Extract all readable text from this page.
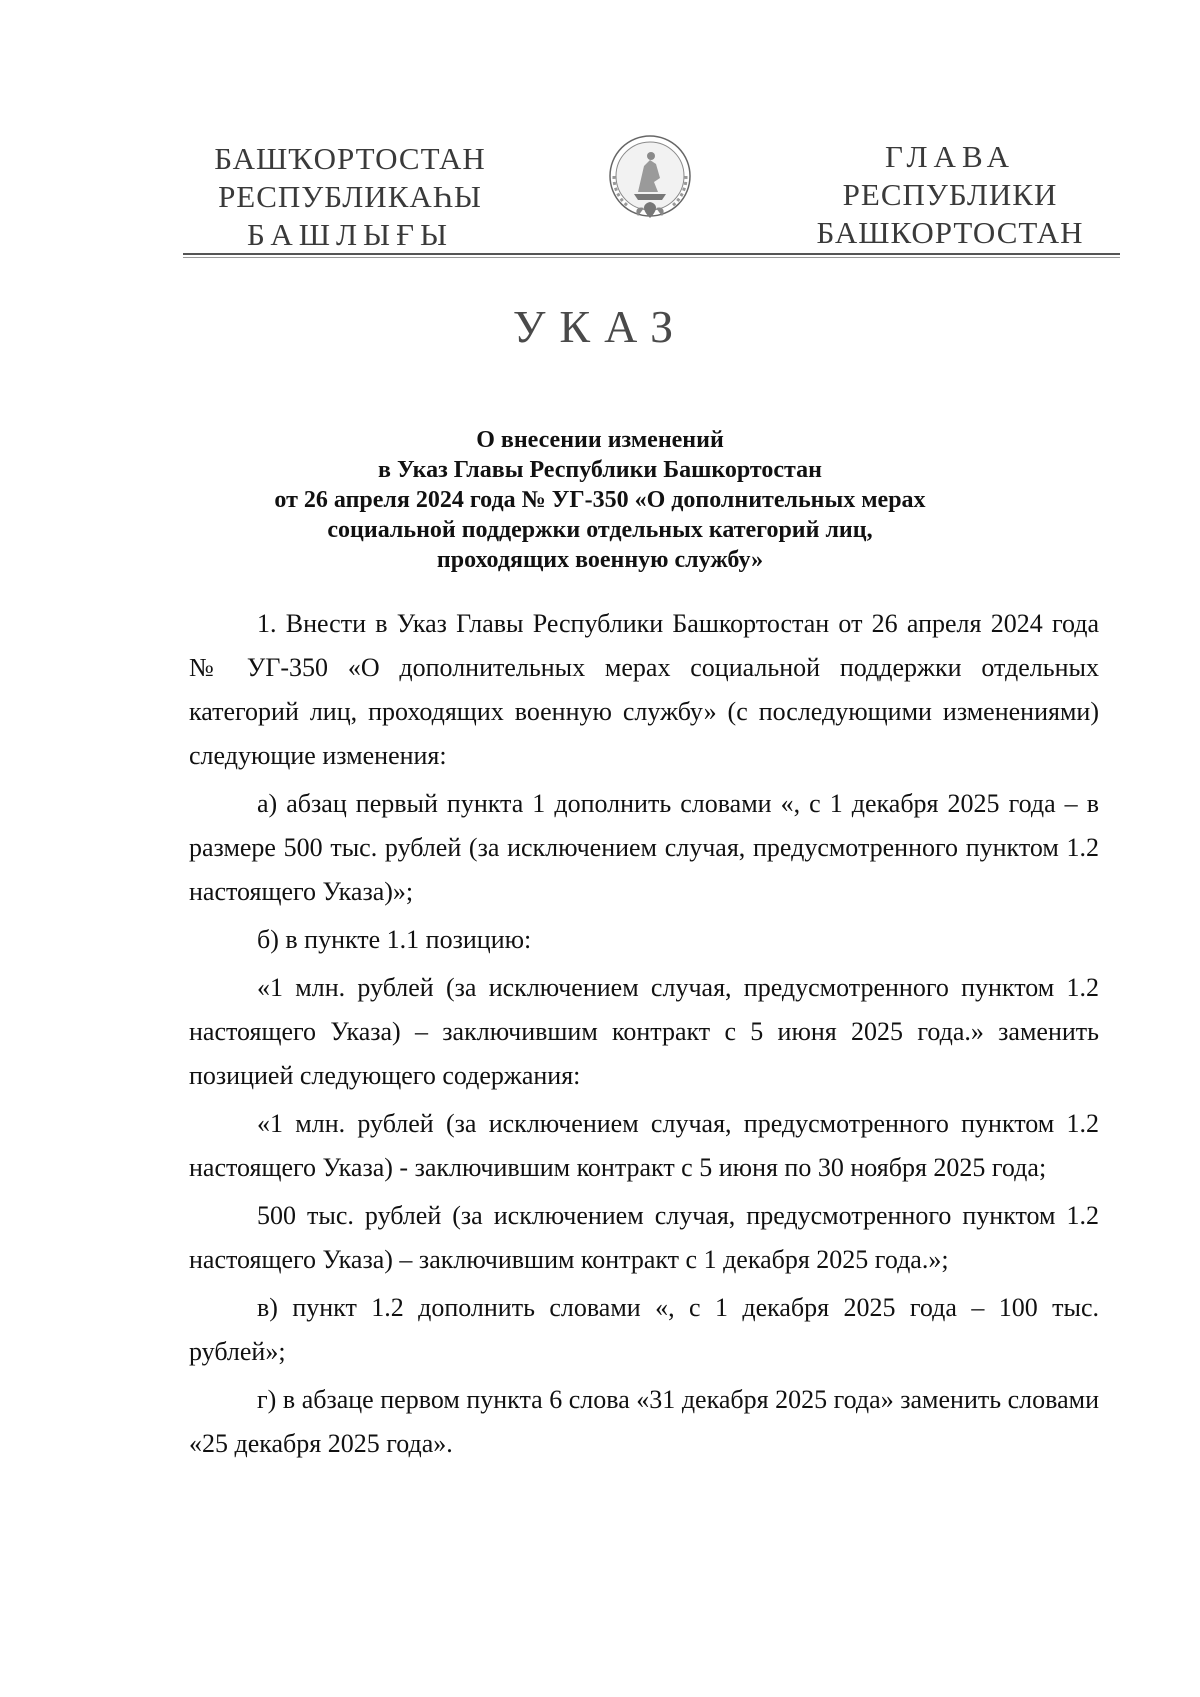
БАШҠОРТОСТАН
РЕСПУБЛИКАҺЫ
БАШЛЫҒЫ
ГЛАВА
РЕСПУБЛИКИ
БАШКОРТОСТАН
УКАЗ
О внесении изменений
в Указ Главы Республики Башкортостан
от 26 апреля 2024 года № УГ-350 «О дополнительных мерах
социальной поддержки отдельных категорий лиц,
проходящих военную службу»

1. Внести в Указ Главы Республики Башкортостан от 26 апреля 2024 года № УГ-350 «О дополнительных мерах социальной поддержки отдельных категорий лиц, проходящих военную службу» (с последующими изменениями) следующие изменения:

а) абзац первый пункта 1 дополнить словами «, с 1 декабря 2025 года – в размере 500 тыс. рублей (за исключением случая, предусмотренного пунктом 1.2 настоящего Указа)»;

б) в пункте 1.1 позицию:

«1 млн. рублей (за исключением случая, предусмотренного пунктом 1.2 настоящего Указа) – заключившим контракт с 5 июня 2025 года.» заменить позицией следующего содержания:

«1 млн. рублей (за исключением случая, предусмотренного пунктом 1.2 настоящего Указа) - заключившим контракт с 5 июня по 30 ноября 2025 года;

500 тыс. рублей (за исключением случая, предусмотренного пунктом 1.2 настоящего Указа) – заключившим контракт с 1 декабря 2025 года.»;

в) пункт 1.2 дополнить словами «, с 1 декабря 2025 года – 100 тыс. рублей»;

г) в абзаце первом пункта 6 слова «31 декабря 2025 года» заменить словами «25 декабря 2025 года».
